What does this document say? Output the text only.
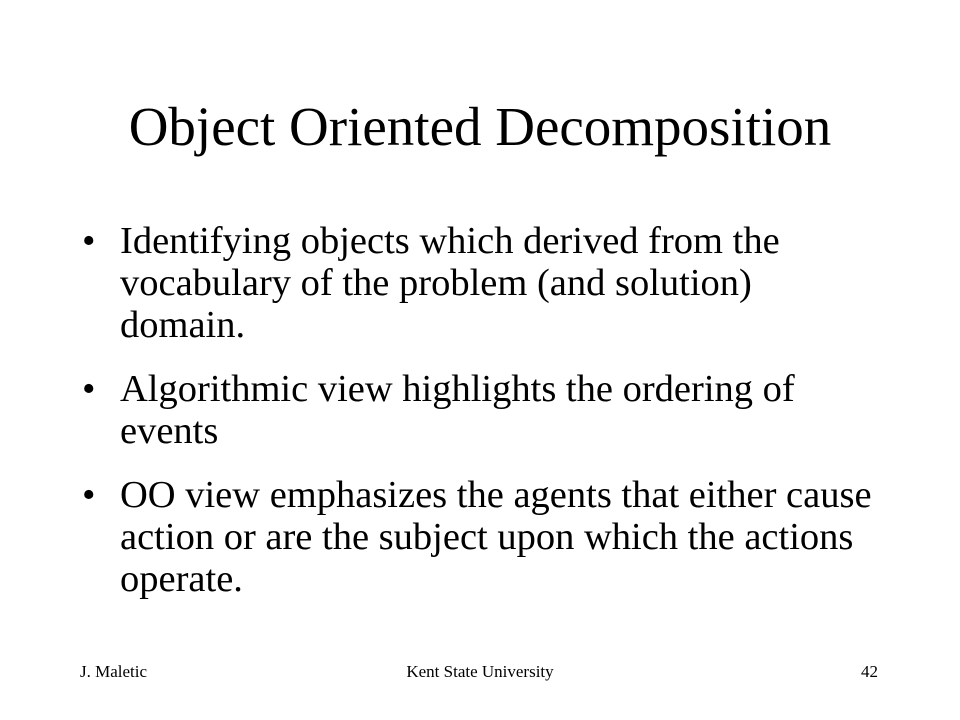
Object Oriented Decomposition
• Identifying objects which derived from the vocabulary of the problem (and solution) domain.
• Algorithmic view highlights the ordering of events
• OO view emphasizes the agents that either cause action or are the subject upon which the actions operate.
J. Maletic	Kent State University	42
